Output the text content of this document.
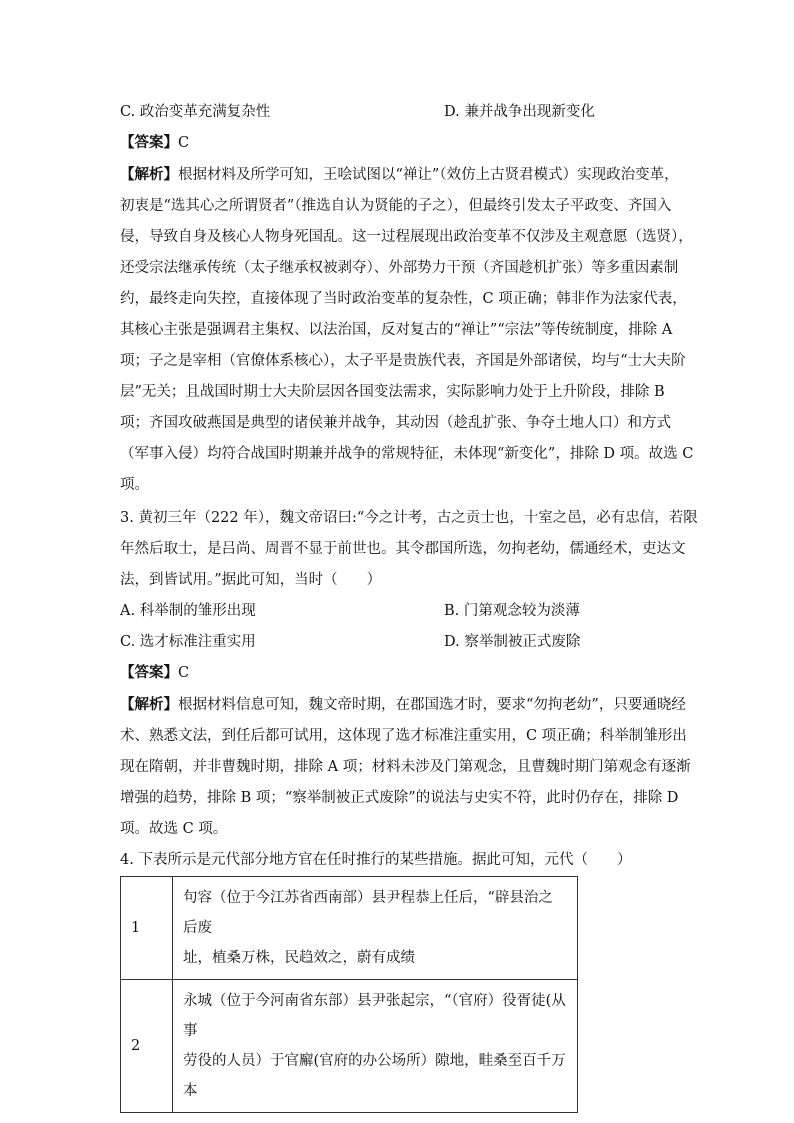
C. 政治变革充满复杂性	D. 兼并战争出现新变化
【答案】C
【解析】根据材料及所学可知，王哙试图以“禅让”（效仿上古贤君模式）实现政治变革，
初衷是“选其心之所谓贤者”（推选自认为贤能的子之），但最终引发太子平政变、齐国入
侵，导致自身及核心人物身死国乱。这一过程展现出政治变革不仅涉及主观意愿（选贤），
还受宗法继承传统（太子继承权被剥夺）、外部势力干预（齐国趁机扩张）等多重因素制
约，最终走向失控，直接体现了当时政治变革的复杂性，C 项正确；韩非作为法家代表，
其核心主张是强调君主集权、以法治国，反对复古的“禅让”“宗法”等传统制度，排除 A
项；子之是宰相（官僚体系核心），太子平是贵族代表，齐国是外部诸侯，均与“士大夫阶
层”无关；且战国时期士大夫阶层因各国变法需求，实际影响力处于上升阶段，排除 B
项；齐国攻破燕国是典型的诸侯兼并战争，其动因（趁乱扩张、争夺土地人口）和方式
（军事入侵）均符合战国时期兼并战争的常规特征，未体现“新变化”，排除 D 项。故选 C
项。
3. 黄初三年（222 年），魏文帝诏曰:“今之计考，古之贡士也，十室之邑，必有忠信，若限
年然后取士，是吕尚、周晋不显于前世也。其令郡国所选，勿拘老幼，儒通经术，吏达文
法，到皆试用。”据此可知，当时（　　）
A. 科举制的雏形出现	B. 门第观念较为淡薄
C. 选才标准注重实用	D. 察举制被正式废除
【答案】C
【解析】根据材料信息可知，魏文帝时期，在郡国选才时，要求“勿拘老幼”，只要通晓经
术、熟悉文法，到任后都可试用，这体现了选才标准注重实用，C 项正确；科举制雏形出
现在隋朝，并非曹魏时期，排除 A 项；材料未涉及门第观念，且曹魏时期门第观念有逐渐
增强的趋势，排除 B 项；“察举制被正式废除”的说法与史实不符，此时仍存在，排除 D
项。故选 C 项。
4. 下表所示是元代部分地方官在任时推行的某些措施。据此可知，元代（　　）
1	句容（位于今江苏省西南部）县尹程恭上任后，“辟县治之后废
址，植桑万株，民趋效之，蔚有成绩

2	永城（位于今河南省东部）县尹张起宗，“（官府）役胥徒(从事
劳役的人员）于官廨(官府的办公场所）隙地，畦桑至百千万本
